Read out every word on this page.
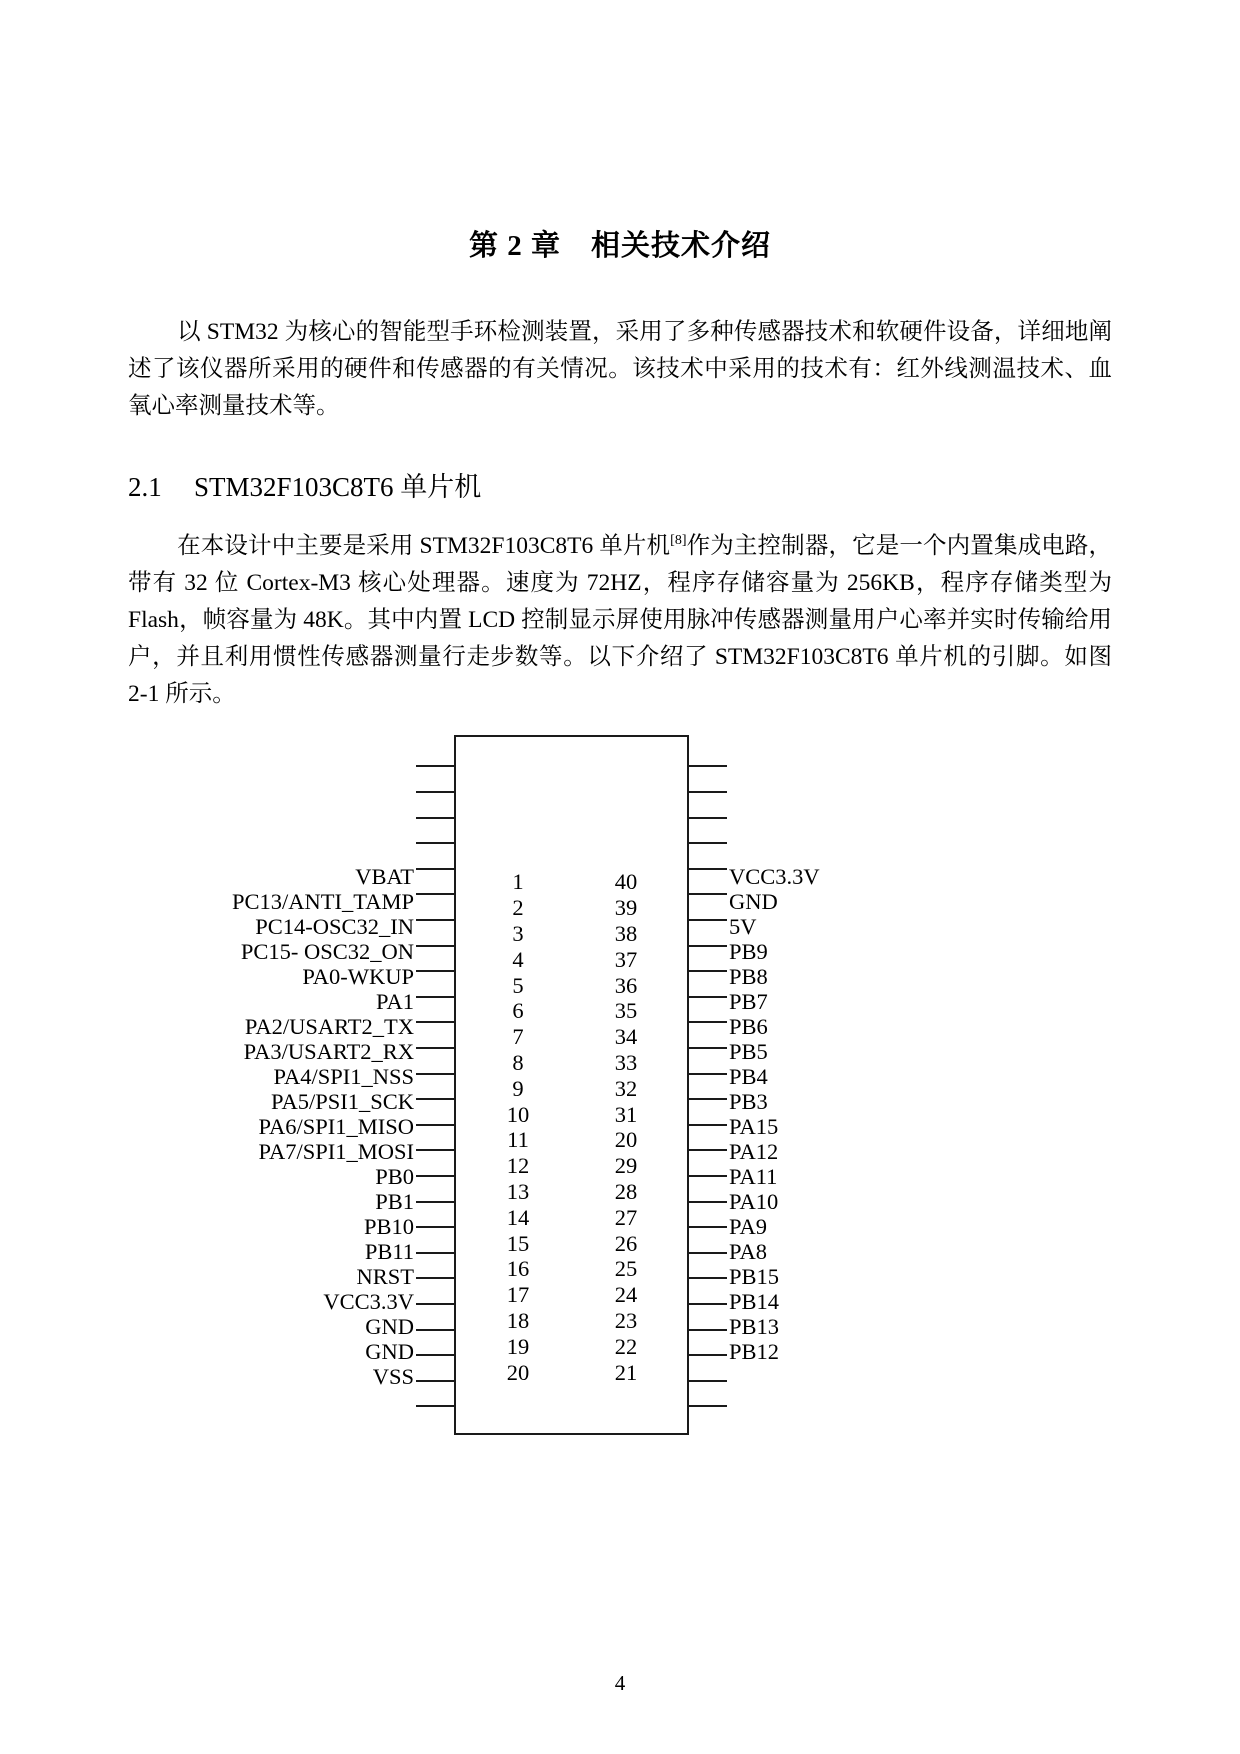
第 2 章　相关技术介绍

以 STM32 为核心的智能型手环检测装置，采用了多种传感器技术和软硬件设备，详细地阐述了该仪器所采用的硬件和传感器的有关情况。该技术中采用的技术有：红外线测温技术、血氧心率测量技术等。

2.1 STM32F103C8T6 单片机

在本设计中主要是采用 STM32F103C8T6 单片机[8]作为主控制器，它是一个内置集成电路，带有 32 位 Cortex-M3 核心处理器。速度为 72HZ，程序存储容量为 256KB，程序存储类型为 Flash，帧容量为 48K。其中内置 LCD 控制显示屏使用脉冲传感器测量用户心率并实时传输给用户，并且利用惯性传感器测量行走步数等。以下介绍了 STM32F103C8T6 单片机的引脚。如图 2-1 所示。

VBAT
PC13/ANTI_TAMP
PC14-OSC32_IN
PC15- OSC32_ON
PA0-WKUP
PA1
PA2/USART2_TX
PA3/USART2_RX
PA4/SPI1_NSS
PA5/PSI1_SCK
PA6/SPI1_MISO
PA7/SPI1_MOSI
PB0
PB1
PB10
PB11
NRST
VCC3.3V
GND
GND
VSS
VCC3.3V
GND
5V
PB9
PB8
PB7
PB6
PB5
PB4
PB3
PA15
PA12
PA11
PA10
PA9
PA8
PB15
PB14
PB13
PB12
1
2
3
4
5
6
7
8
9
10
11
12
13
14
15
16
17
18
19
20
40
39
38
37
36
35
34
33
32
31
20
29
28
27
26
25
24
23
22
21
4
